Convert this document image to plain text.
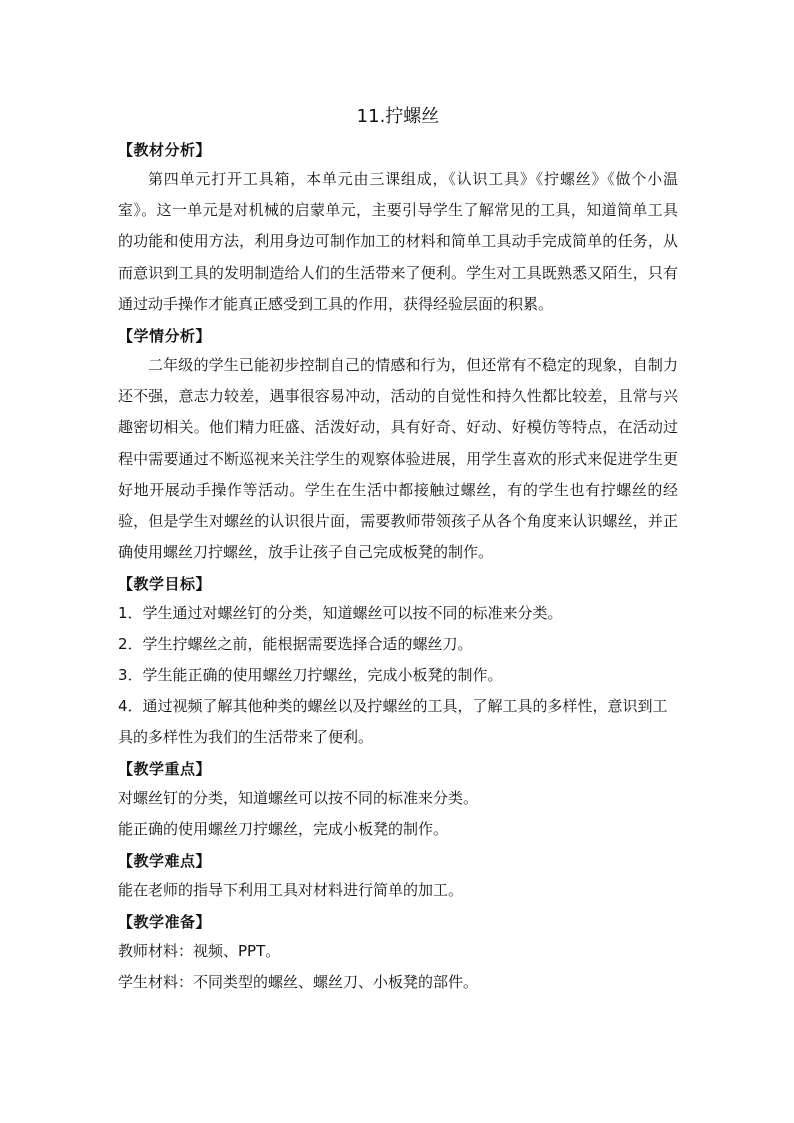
11.拧螺丝

【教材分析】

第四单元打开工具箱，本单元由三课组成，《认识工具》《拧螺丝》《做个小温室》。这一单元是对机械的启蒙单元，主要引导学生了解常见的工具，知道简单工具的功能和使用方法，利用身边可制作加工的材料和简单工具动手完成简单的任务，从而意识到工具的发明制造给人们的生活带来了便利。学生对工具既熟悉又陌生，只有通过动手操作才能真正感受到工具的作用，获得经验层面的积累。

【学情分析】

二年级的学生已能初步控制自己的情感和行为，但还常有不稳定的现象，自制力还不强，意志力较差，遇事很容易冲动，活动的自觉性和持久性都比较差，且常与兴趣密切相关。他们精力旺盛、活泼好动，具有好奇、好动、好模仿等特点，在活动过程中需要通过不断巡视来关注学生的观察体验进展，用学生喜欢的形式来促进学生更好地开展动手操作等活动。学生在生活中都接触过螺丝，有的学生也有拧螺丝的经验，但是学生对螺丝的认识很片面，需要教师带领孩子从各个角度来认识螺丝，并正确使用螺丝刀拧螺丝，放手让孩子自己完成板凳的制作。

【教学目标】

1．学生通过对螺丝钉的分类，知道螺丝可以按不同的标准来分类。

2．学生拧螺丝之前，能根据需要选择合适的螺丝刀。

3．学生能正确的使用螺丝刀拧螺丝，完成小板凳的制作。

4．通过视频了解其他种类的螺丝以及拧螺丝的工具，了解工具的多样性，意识到工具的多样性为我们的生活带来了便利。

【教学重点】

对螺丝钉的分类，知道螺丝可以按不同的标准来分类。

能正确的使用螺丝刀拧螺丝，完成小板凳的制作。

【教学难点】

能在老师的指导下利用工具对材料进行简单的加工。

【教学准备】

教师材料：视频、PPT。

学生材料：不同类型的螺丝、螺丝刀、小板凳的部件。
